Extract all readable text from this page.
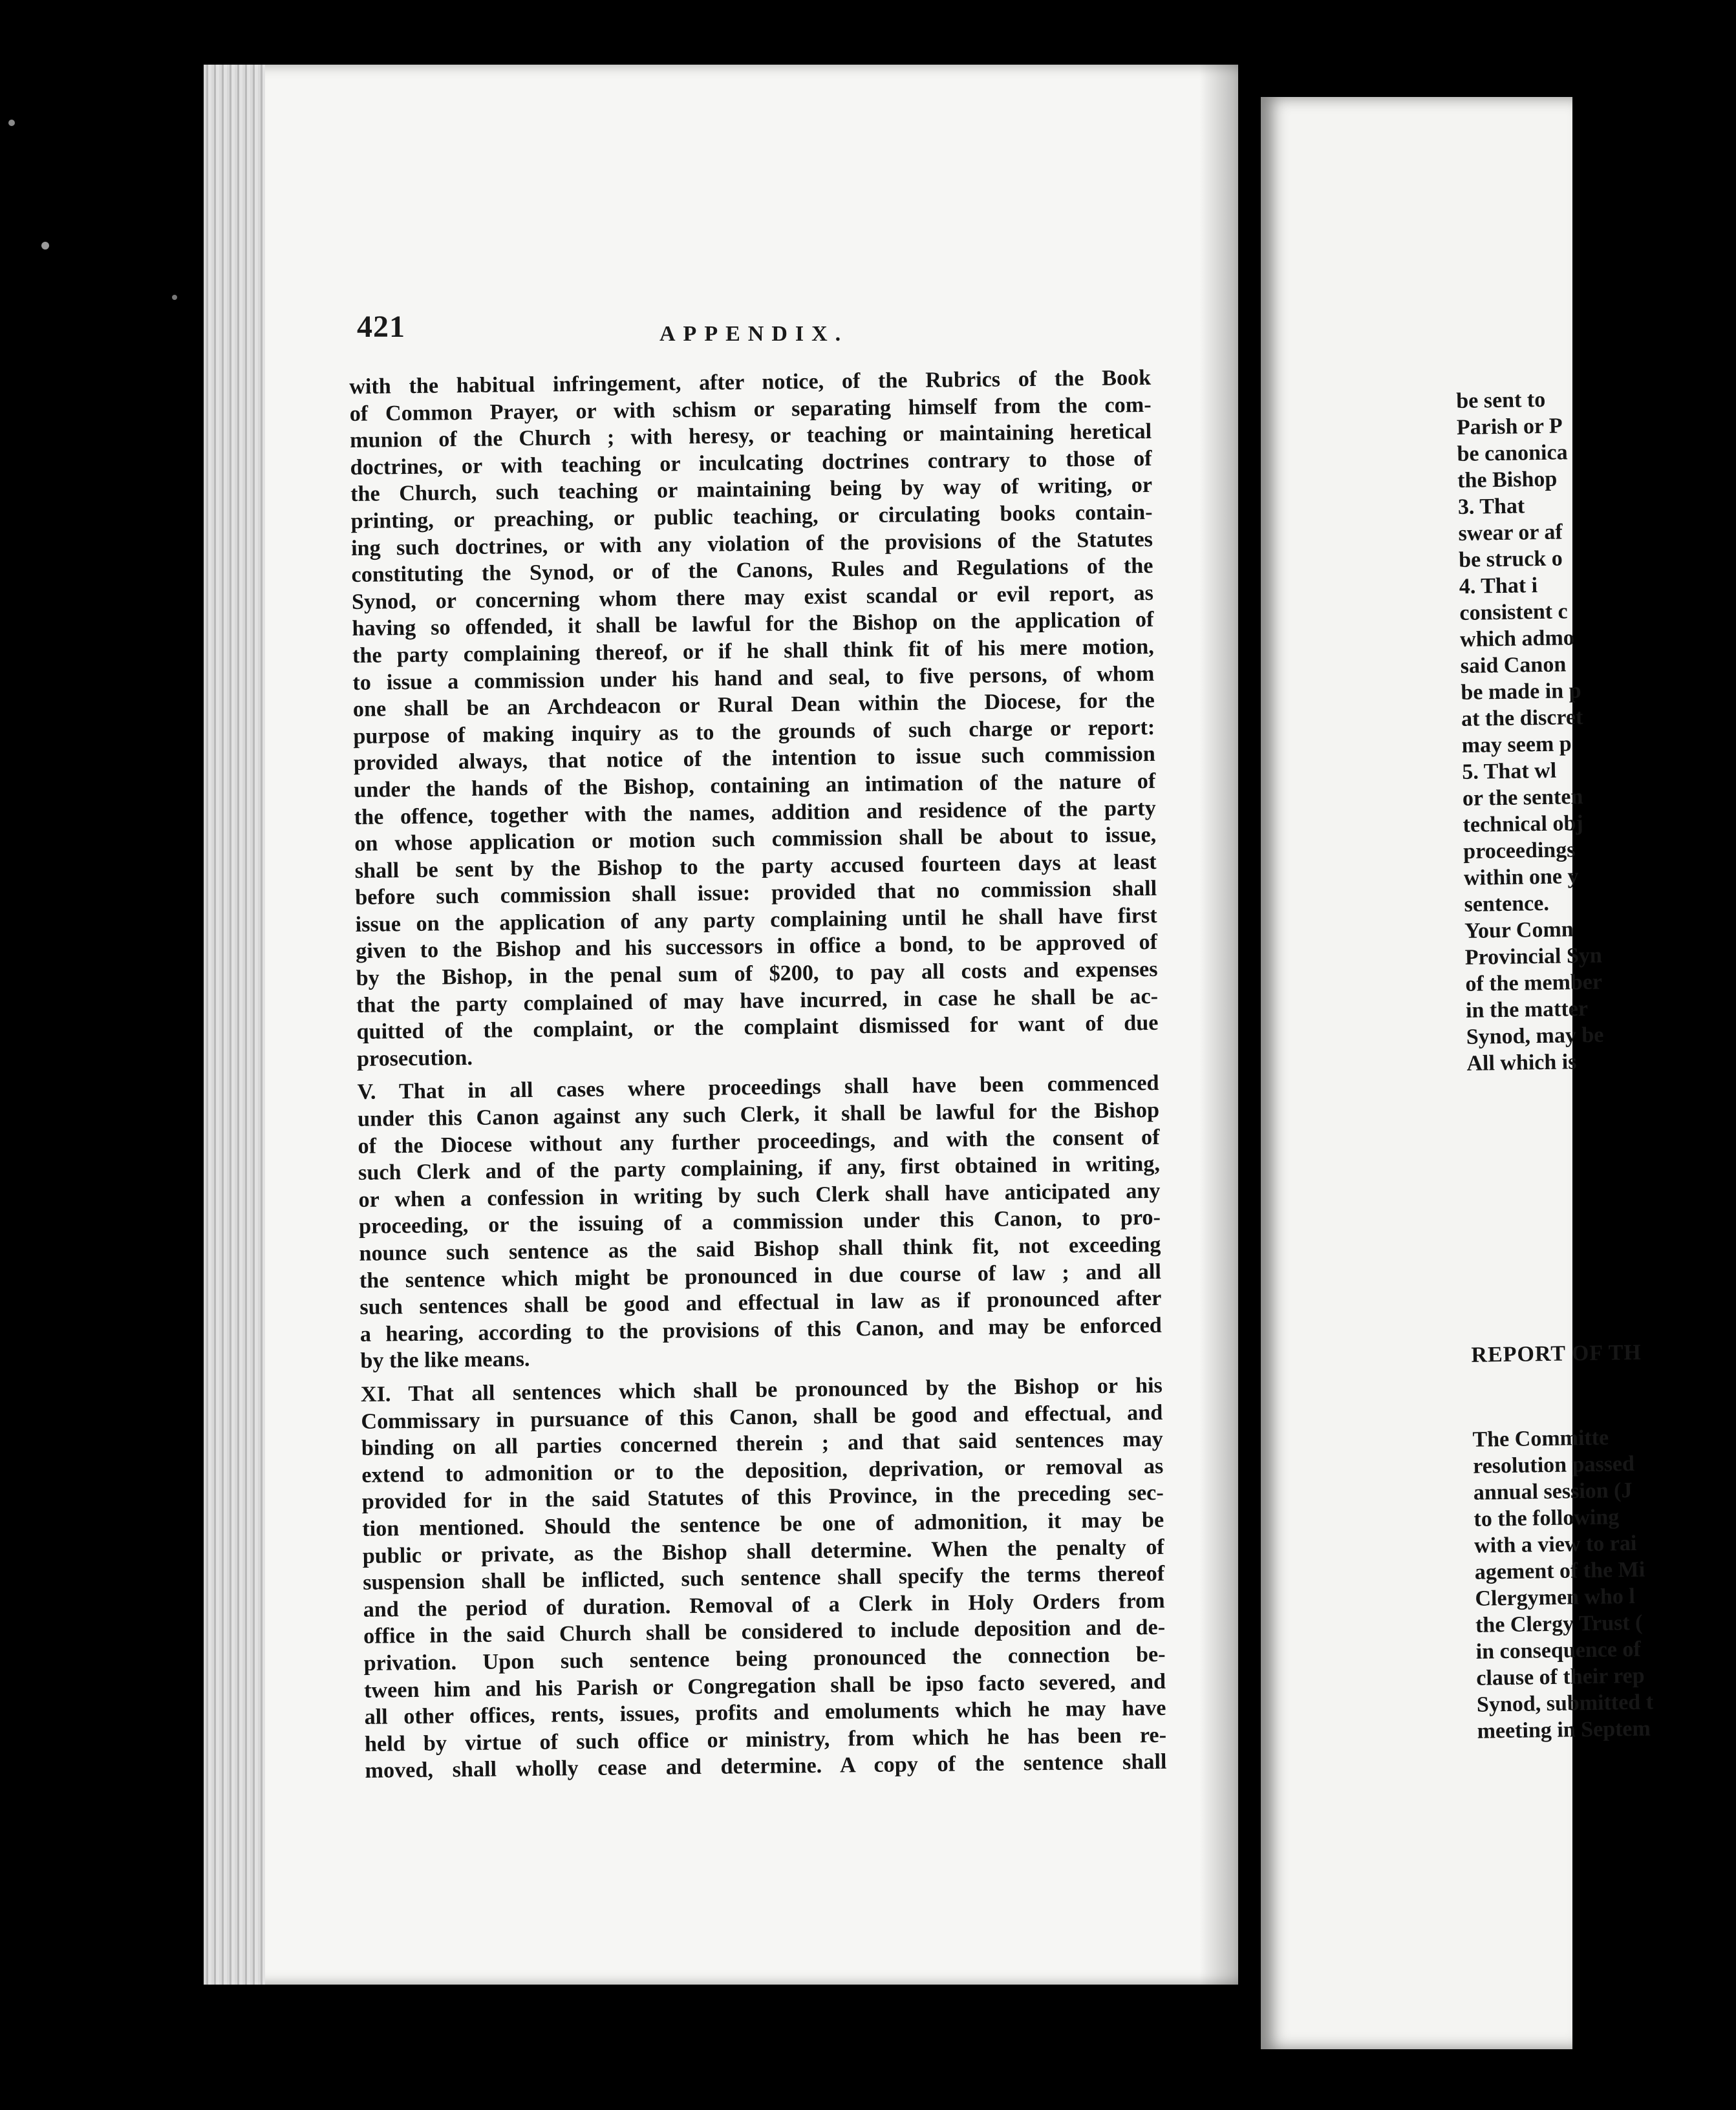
421	APPENDIX.
with the habitual infringement, after notice, of the Rubrics of the Book
of Common Prayer, or with schism or separating himself from the com-
munion of the Church ; with heresy, or teaching or maintaining heretical
doctrines, or with teaching or inculcating doctrines contrary to those of
the Church, such teaching or maintaining being by way of writing, or
printing, or preaching, or public teaching, or circulating books contain-
ing such doctrines, or with any violation of the provisions of the Statutes
constituting the Synod, or of the Canons, Rules and Regulations of the
Synod, or concerning whom there may exist scandal or evil report, as
having so offended, it shall be lawful for the Bishop on the application of
the party complaining thereof, or if he shall think fit of his mere motion,
to issue a commission under his hand and seal, to five persons, of whom
one shall be an Archdeacon or Rural Dean within the Diocese, for the
purpose of making inquiry as to the grounds of such charge or report:
provided always, that notice of the intention to issue such commission
under the hands of the Bishop, containing an intimation of the nature of
the offence, together with the names, addition and residence of the party
on whose application or motion such commission shall be about to issue,
shall be sent by the Bishop to the party accused fourteen days at least
before such commission shall issue: provided that no commission shall
issue on the application of any party complaining until he shall have first
given to the Bishop and his successors in office a bond, to be approved of
by the Bishop, in the penal sum of $200, to pay all costs and expenses
that the party complained of may have incurred, in case he shall be ac-
quitted of the complaint, or the complaint dismissed for want of due
prosecution.
V. That in all cases where proceedings shall have been commenced
under this Canon against any such Clerk, it shall be lawful for the Bishop
of the Diocese without any further proceedings, and with the consent of
such Clerk and of the party complaining, if any, first obtained in writing,
or when a confession in writing by such Clerk shall have anticipated any
proceeding, or the issuing of a commission under this Canon, to pro-
nounce such sentence as the said Bishop shall think fit, not exceeding
the sentence which might be pronounced in due course of law ; and all
such sentences shall be good and effectual in law as if pronounced after
a hearing, according to the provisions of this Canon, and may be enforced
by the like means.
XI. That all sentences which shall be pronounced by the Bishop or his
Commissary in pursuance of this Canon, shall be good and effectual, and
binding on all parties concerned therein ; and that said sentences may
extend to admonition or to the deposition, deprivation, or removal as
provided for in the said Statutes of this Province, in the preceding sec-
tion mentioned. Should the sentence be one of admonition, it may be
public or private, as the Bishop shall determine. When the penalty of
suspension shall be inflicted, such sentence shall specify the terms thereof
and the period of duration. Removal of a Clerk in Holy Orders from
office in the said Church shall be considered to include deposition and de-
privation. Upon such sentence being pronounced the connection be-
tween him and his Parish or Congregation shall be ipso facto severed, and
all other offices, rents, issues, profits and emoluments which he may have
held by virtue of such office or ministry, from which he has been re-
moved, shall wholly cease and determine. A copy of the sentence shall
be sent to
Parish or P
be canonica
the Bishop
3. That
swear or af
be struck o
4. That i
consistent c
which admo
said Canon
be made in p
at the discret
may seem p
5. That wl
or the senten
technical obj
proceedings
within one y
sentence.
Your Comn
Provincial Syn
of the member
in the matter
Synod, may be
All which is
REPORT OF TH
The Committe
resolution passed
annual session (J
to the following
with a view to rai
agement of the Mi
Clergymen who l
the Clergy Trust (
in consequence of
clause of their rep
Synod, submitted t
meeting in Septem
